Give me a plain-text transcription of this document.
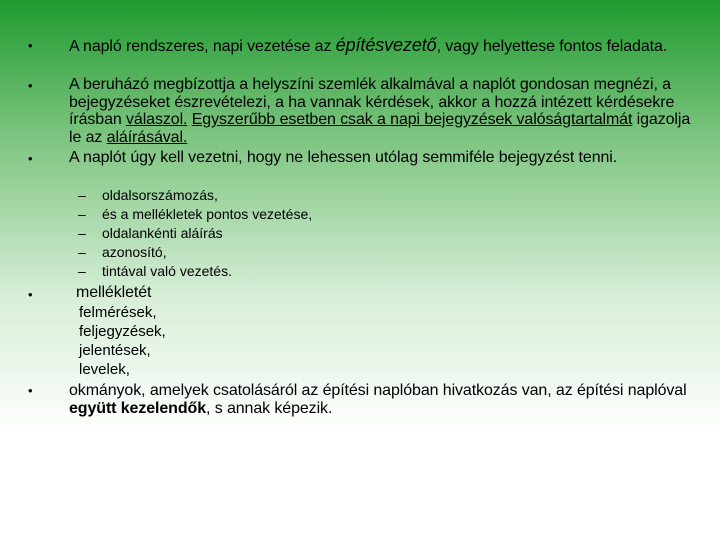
• A napló rendszeres, napi vezetése az építésvezető, vagy helyettese fontos feladata.
• A beruházó megbízottja a helyszíni szemlék alkalmával a naplót gondosan megnézi, a bejegyzéseket észrevételezi, a ha vannak kérdések, akkor a hozzá intézett kérdésekre írásban válaszol. Egyszerűbb esetben csak a napi bejegyzések valóságtartalmát igazolja le az aláírásával.
• A naplót úgy kell vezetni, hogy ne lehessen utólag semmiféle bejegyzést tenni.
–	oldalsorszámozás,
–	és a mellékletek pontos vezetése,
–	oldalankénti aláírás
–	azonosító,
–	tintával való vezetés.
•	mellékletét
felmérések,
feljegyzések,
jelentések,
levelek,
• okmányok, amelyek csatolásáról az építési naplóban hivatkozás van, az építési naplóval együtt kezelendők, s annak képezik.
